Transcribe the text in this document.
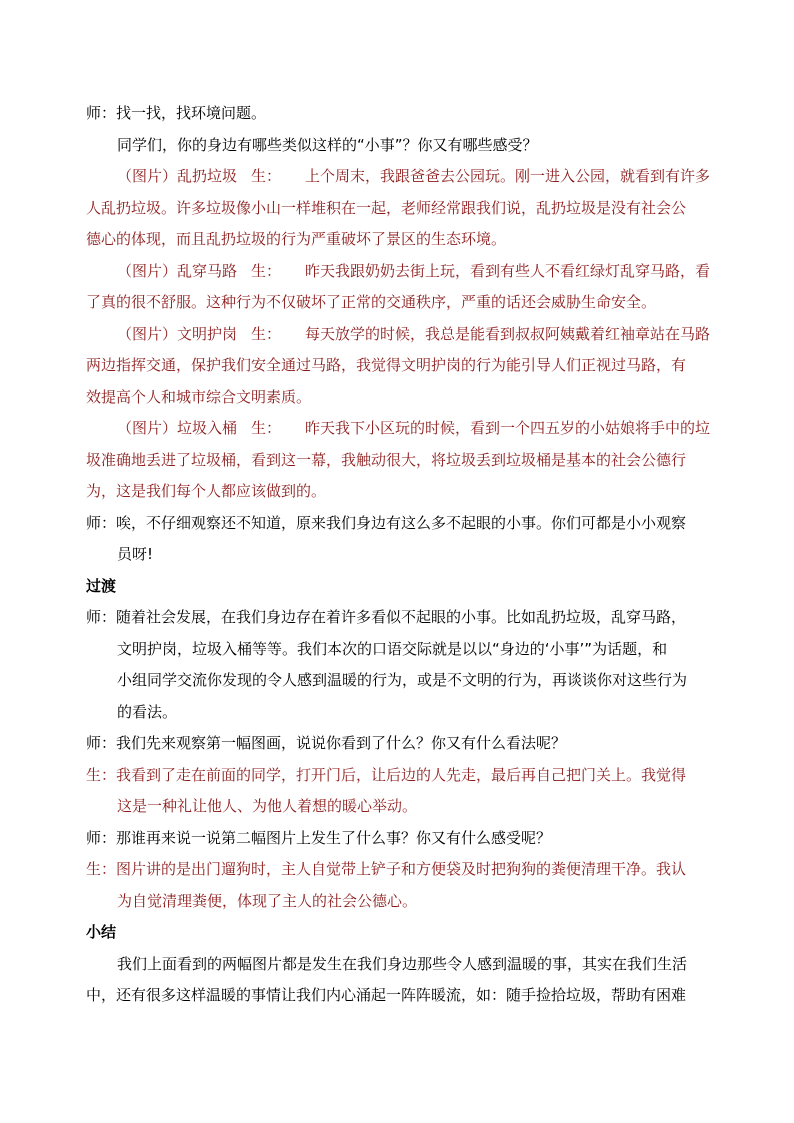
师：找一找，找环境问题。
同学们，你的身边有哪些类似这样的“小事”？你又有哪些感受？
（图片）乱扔垃圾 生： 上个周末，我跟爸爸去公园玩。刚一进入公园，就看到有许多
人乱扔垃圾。许多垃圾像小山一样堆积在一起，老师经常跟我们说，乱扔垃圾是没有社会公
德心的体现，而且乱扔垃圾的行为严重破坏了景区的生态环境。
（图片）乱穿马路 生： 昨天我跟奶奶去街上玩，看到有些人不看红绿灯乱穿马路，看
了真的很不舒服。这种行为不仅破坏了正常的交通秩序，严重的话还会威胁生命安全。
（图片）文明护岗 生： 每天放学的时候，我总是能看到叔叔阿姨戴着红袖章站在马路
两边指挥交通，保护我们安全通过马路，我觉得文明护岗的行为能引导人们正视过马路，有
效提高个人和城市综合文明素质。
（图片）垃圾入桶 生： 昨天我下小区玩的时候，看到一个四五岁的小姑娘将手中的垃
圾准确地丢进了垃圾桶，看到这一幕，我触动很大，将垃圾丢到垃圾桶是基本的社会公德行
为，这是我们每个人都应该做到的。
师：唉，不仔细观察还不知道，原来我们身边有这么多不起眼的小事。你们可都是小小观察
员呀!
过渡
师：随着社会发展，在我们身边存在着许多看似不起眼的小事。比如乱扔垃圾，乱穿马路，
文明护岗，垃圾入桶等等。我们本次的口语交际就是以以“身边的‘小事’”为话题，和
小组同学交流你发现的令人感到温暖的行为，或是不文明的行为，再谈谈你对这些行为
的看法。
师：我们先来观察第一幅图画，说说你看到了什么？你又有什么看法呢？
生：我看到了走在前面的同学，打开门后，让后边的人先走，最后再自己把门关上。我觉得
这是一种礼让他人、为他人着想的暖心举动。
师：那谁再来说一说第二幅图片上发生了什么事？你又有什么感受呢？
生：图片讲的是出门遛狗时，主人自觉带上铲子和方便袋及时把狗狗的粪便清理干净。我认
为自觉清理粪便，体现了主人的社会公德心。
小结
我们上面看到的两幅图片都是发生在我们身边那些令人感到温暖的事，其实在我们生活
中，还有很多这样温暖的事情让我们内心涌起一阵阵暖流，如：随手捡拾垃圾，帮助有困难
